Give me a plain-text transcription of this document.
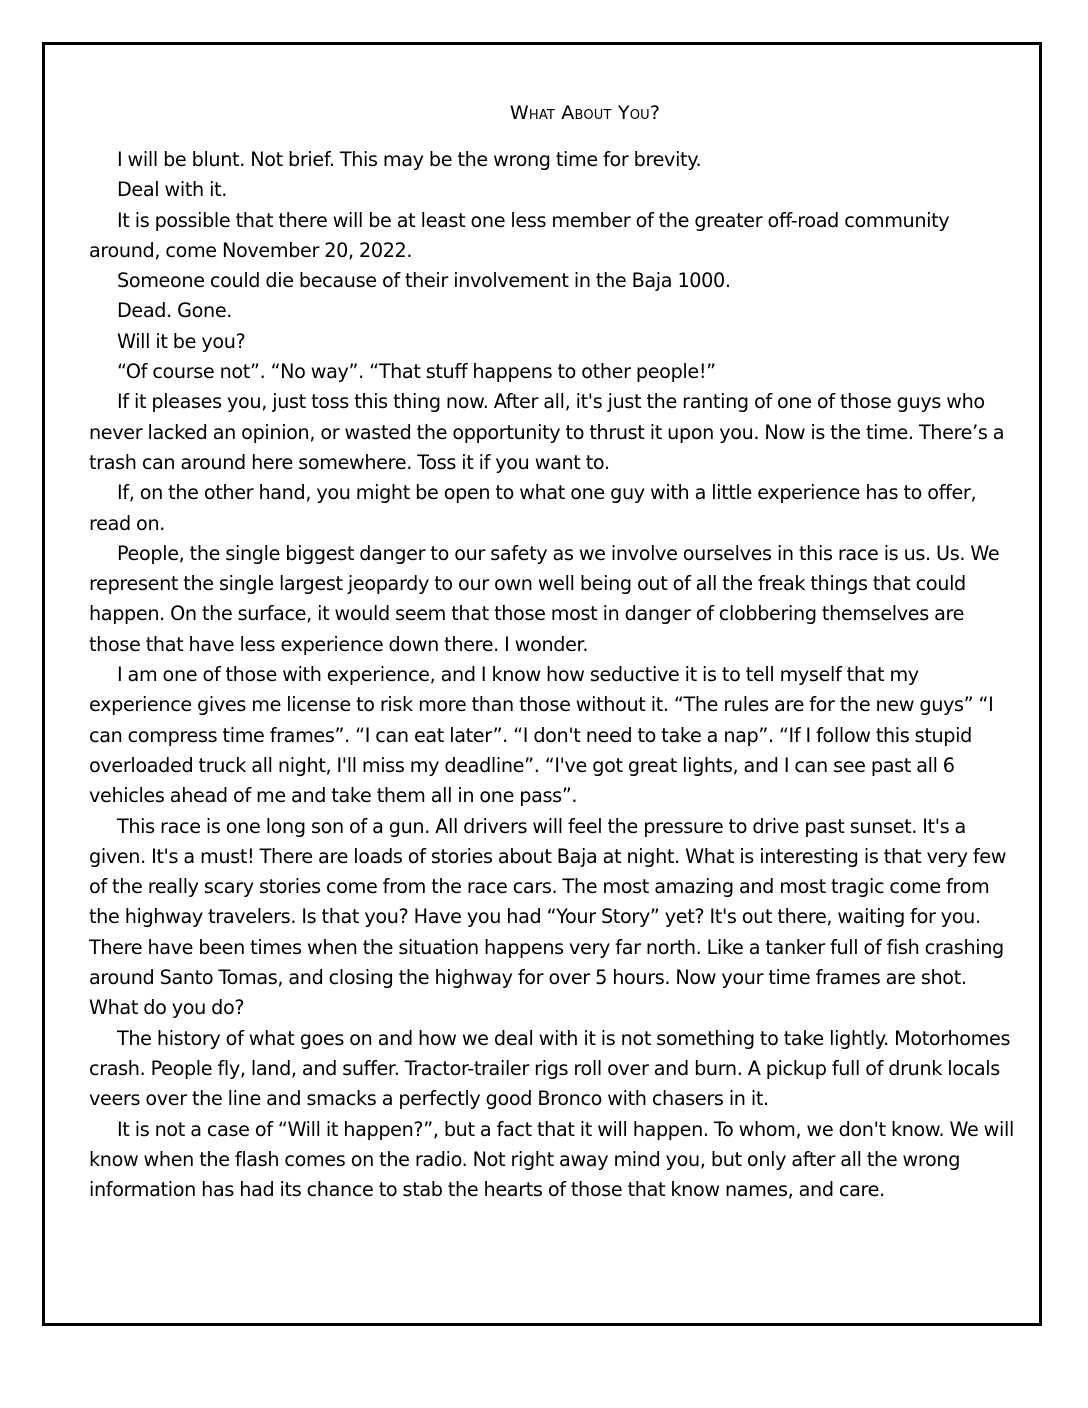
What About You?

I will be blunt. Not brief. This may be the wrong time for brevity.

Deal with it.

It is possible that there will be at least one less member of the greater off-road community around, come November 20, 2022.

Someone could die because of their involvement in the Baja 1000.

Dead. Gone.

Will it be you?

“Of course not”. “No way”. “That stuff happens to other people!”

If it pleases you, just toss this thing now. After all, it's just the ranting of one of those guys who never lacked an opinion, or wasted the opportunity to thrust it upon you. Now is the time. There’s a trash can around here somewhere. Toss it if you want to.

If, on the other hand, you might be open to what one guy with a little experience has to offer, read on.

People, the single biggest danger to our safety as we involve ourselves in this race is us. Us. We represent the single largest jeopardy to our own well being out of all the freak things that could happen. On the surface, it would seem that those most in danger of clobbering themselves are those that have less experience down there. I wonder.

I am one of those with experience, and I know how seductive it is to tell myself that my experience gives me license to risk more than those without it. “The rules are for the new guys” “I can compress time frames”. “I can eat later”. “I don't need to take a nap”. “If I follow this stupid overloaded truck all night, I'll miss my deadline”. “I've got great lights, and I can see past all 6 vehicles ahead of me and take them all in one pass”.

This race is one long son of a gun. All drivers will feel the pressure to drive past sunset. It's a given. It's a must! There are loads of stories about Baja at night. What is interesting is that very few of the really scary stories come from the race cars. The most amazing and most tragic come from the highway travelers. Is that you? Have you had “Your Story” yet? It's out there, waiting for you. There have been times when the situation happens very far north. Like a tanker full of fish crashing around Santo Tomas, and closing the highway for over 5 hours. Now your time frames are shot. What do you do?

The history of what goes on and how we deal with it is not something to take lightly. Motorhomes crash. People fly, land, and suffer. Tractor-trailer rigs roll over and burn. A pickup full of drunk locals veers over the line and smacks a perfectly good Bronco with chasers in it.

It is not a case of “Will it happen?”, but a fact that it will happen. To whom, we don't know. We will know when the flash comes on the radio. Not right away mind you, but only after all the wrong information has had its chance to stab the hearts of those that know names, and care.
